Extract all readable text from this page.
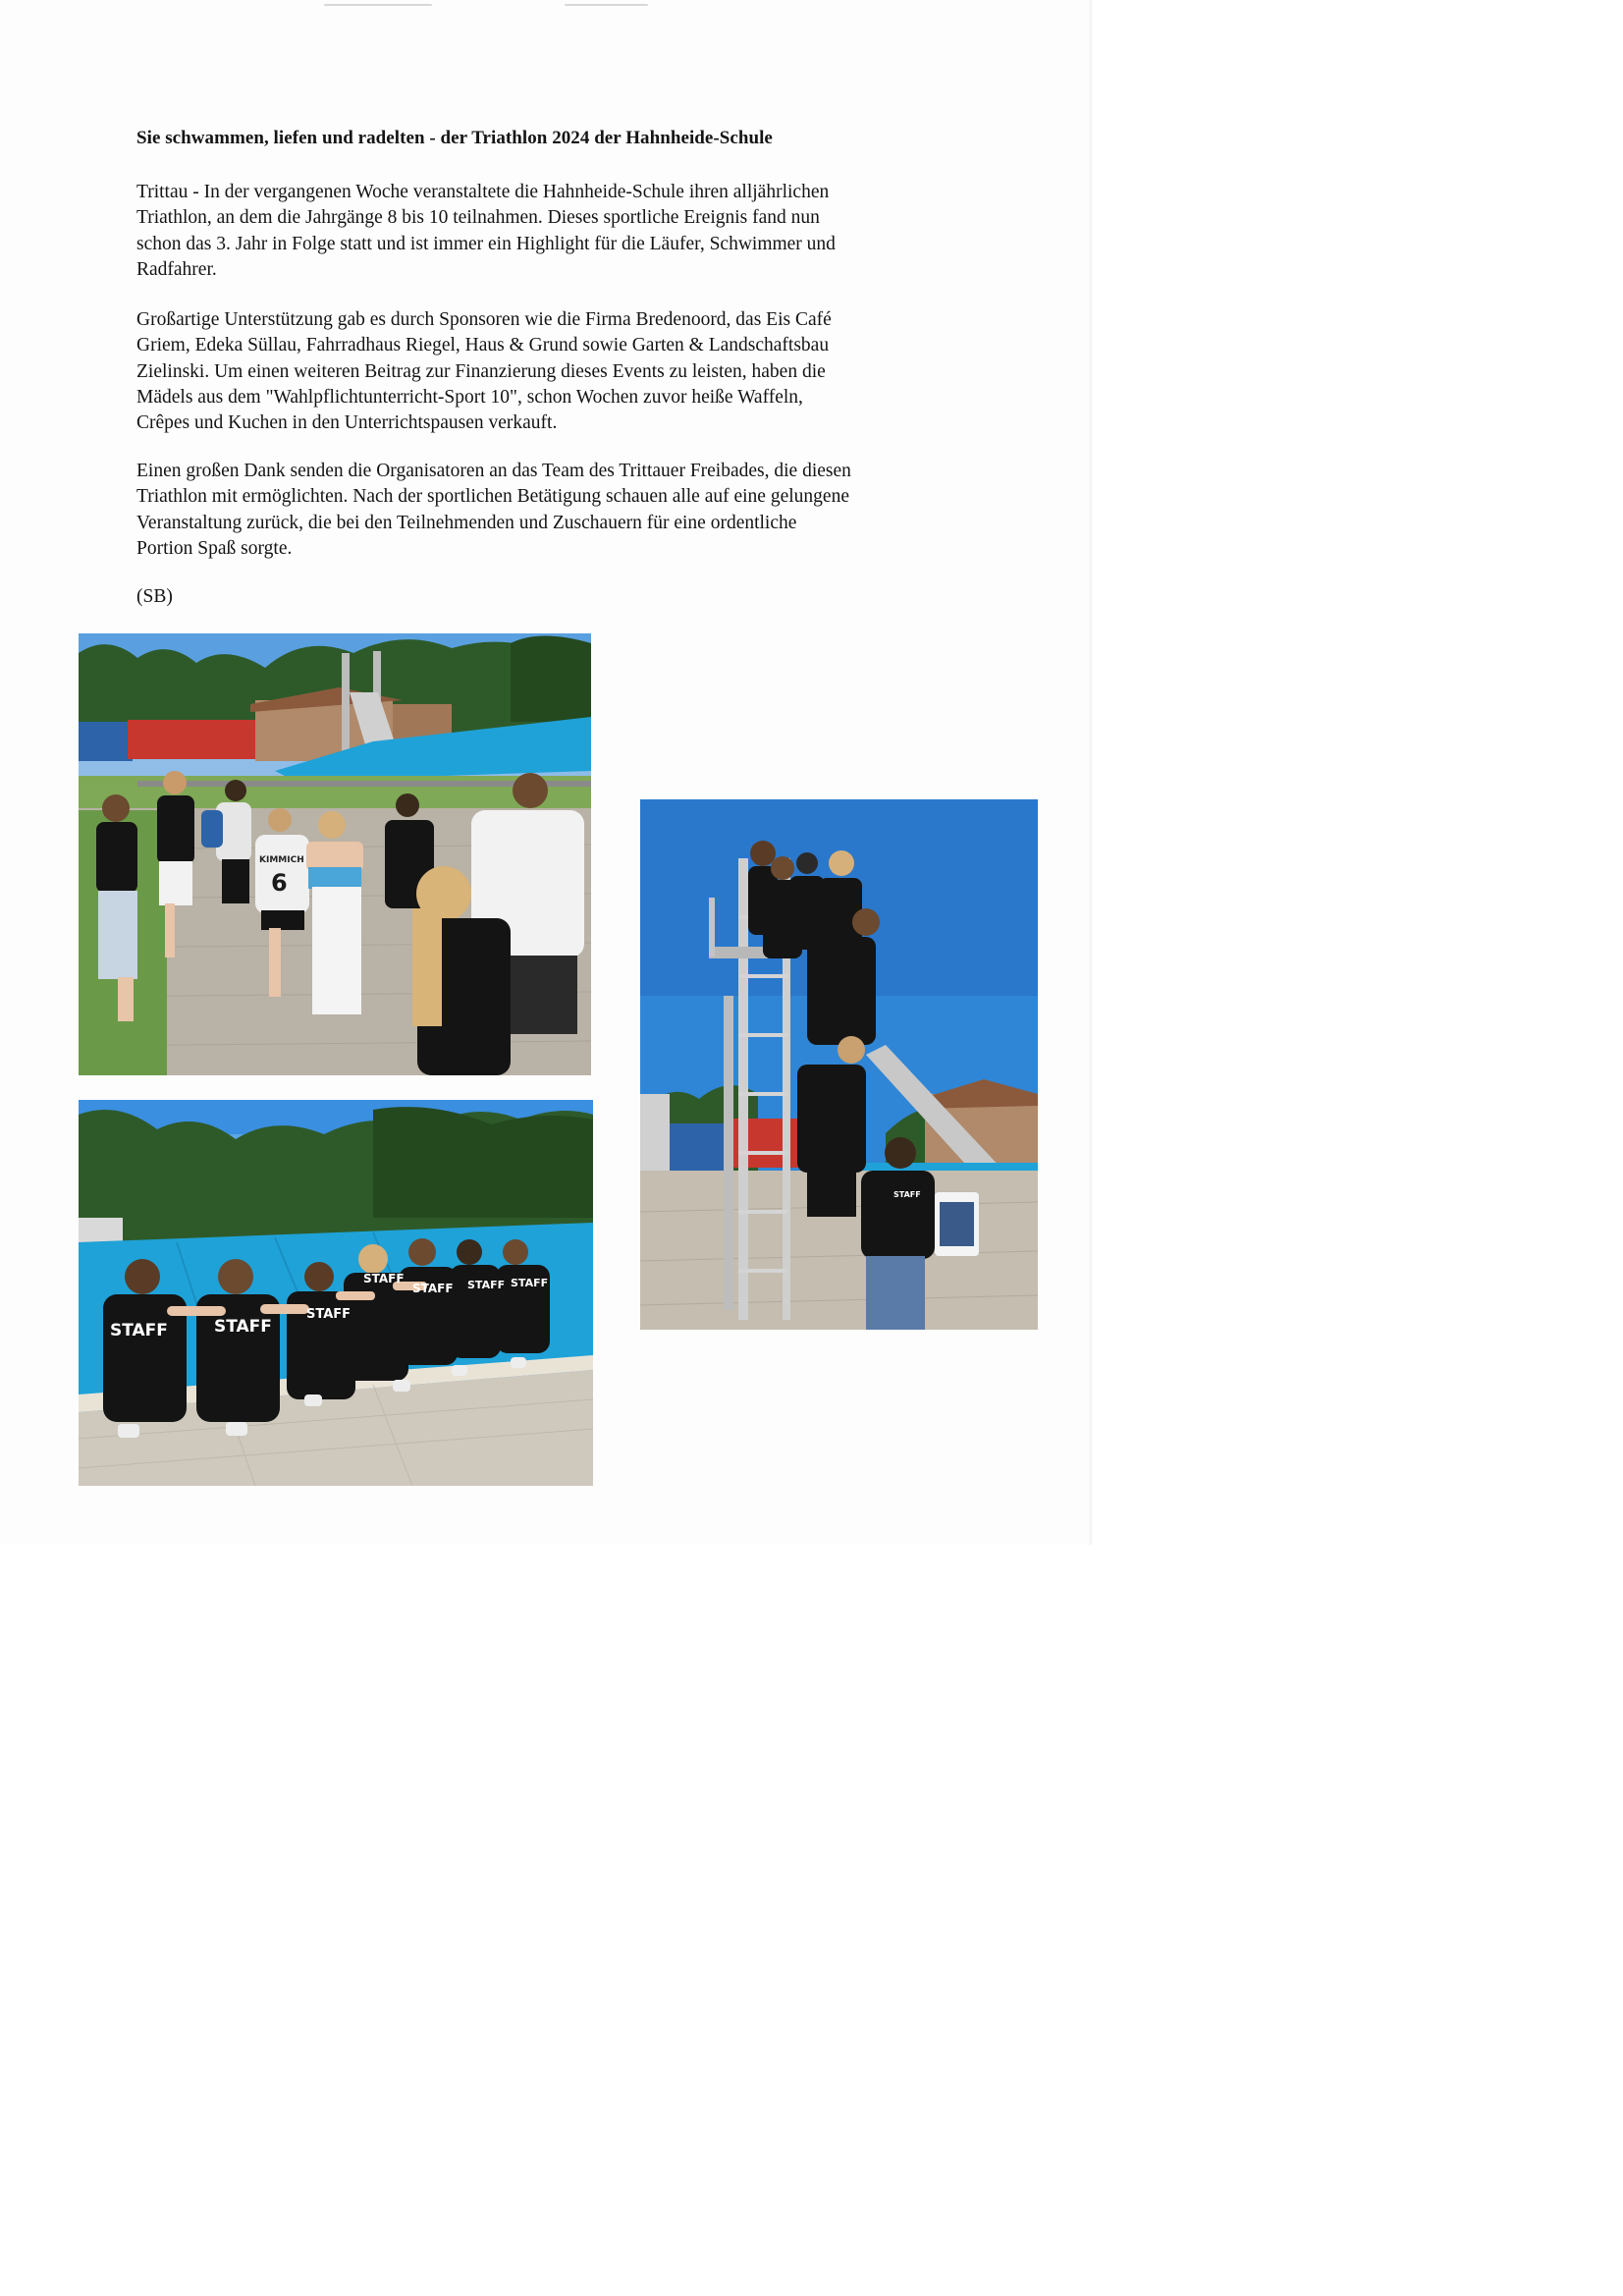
Sie schwammen, liefen und radelten - der Triathlon 2024 der Hahnheide-Schule

Trittau - In der vergangenen Woche veranstaltete die Hahnheide-Schule ihren alljährlichen
Triathlon, an dem die Jahrgänge 8 bis 10 teilnahmen. Dieses sportliche Ereignis fand nun
schon das 3. Jahr in Folge statt und ist immer ein Highlight für die Läufer, Schwimmer und
Radfahrer.

Großartige Unterstützung gab es durch Sponsoren wie die Firma Bredenoord, das Eis Café
Griem, Edeka Süllau, Fahrradhaus Riegel, Haus & Grund sowie Garten & Landschaftsbau
Zielinski. Um einen weiteren Beitrag zur Finanzierung dieses Events zu leisten, haben die
Mädels aus dem "Wahlpflichtunterricht-Sport 10", schon Wochen zuvor heiße Waffeln,
Crêpes und Kuchen in den Unterrichtspausen verkauft.

Einen großen Dank senden die Organisatoren an das Team des Trittauer Freibades, die diesen
Triathlon mit ermöglichten. Nach der sportlichen Betätigung schauen alle auf eine gelungene
Veranstaltung zurück, die bei den Teilnehmenden und Zuschauern für eine ordentliche
Portion Spaß sorgte.

(SB)
KIMMICH
6
STAFF	STAFF
STAFF
STAFF
STAFF STAFF STAFF
STAFF
